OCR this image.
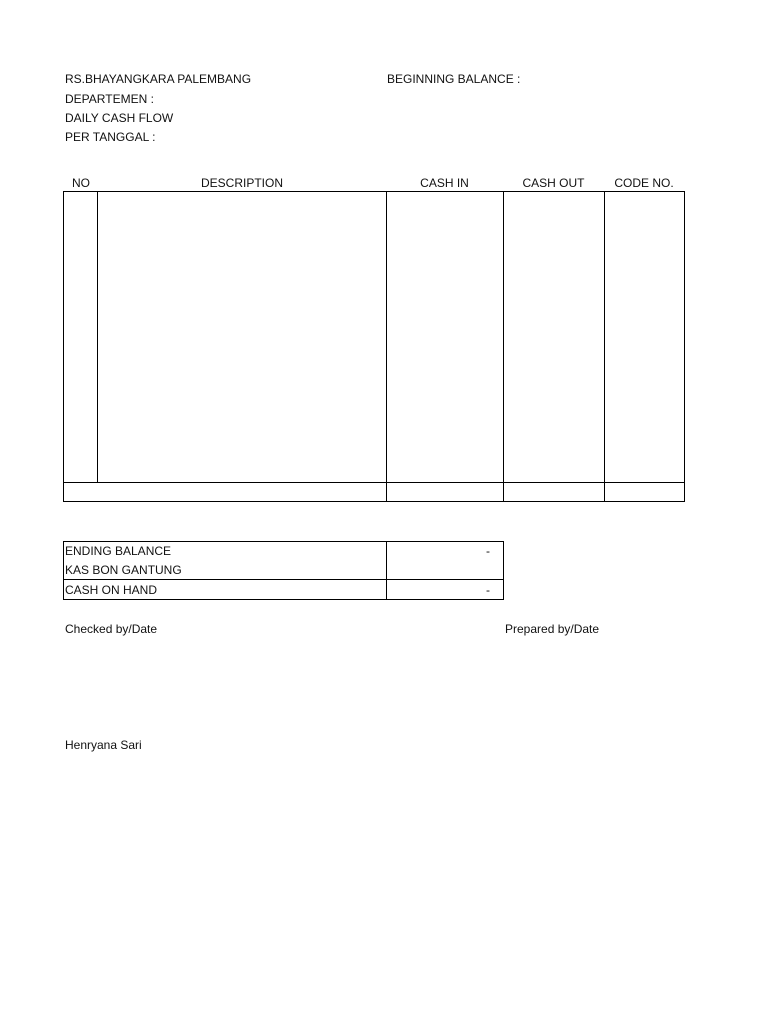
RS.BHAYANGKARA PALEMBANG	BEGINNING BALANCE :
DEPARTEMEN :
DAILY CASH FLOW
PER TANGGAL :
NO	DESCRIPTION	CASH IN	CASH OUT	CODE NO.
ENDING BALANCE	-
KAS BON GANTUNG
CASH ON HAND	-
Checked by/Date	Prepared by/Date
Henryana Sari
